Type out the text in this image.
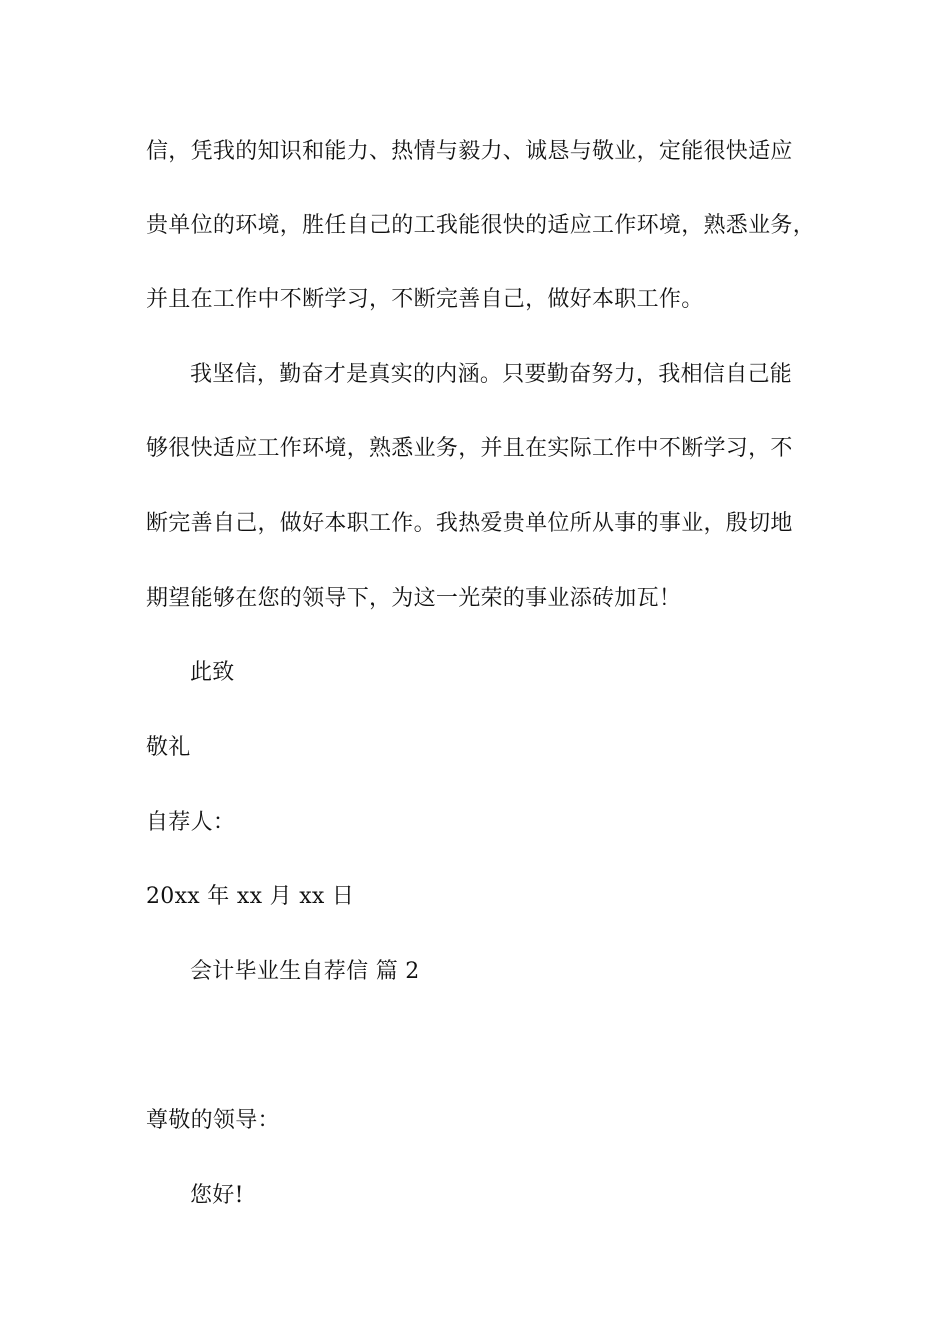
信，凭我的知识和能力、热情与毅力、诚恳与敬业，定能很快适应
贵单位的环境，胜任自己的工我能很快的适应工作环境，熟悉业务，
并且在工作中不断学习，不断完善自己，做好本职工作。
我坚信，勤奋才是真实的内涵。只要勤奋努力，我相信自己能
够很快适应工作环境，熟悉业务，并且在实际工作中不断学习，不
断完善自己，做好本职工作。我热爱贵单位所从事的事业，殷切地
期望能够在您的领导下，为这一光荣的事业添砖加瓦！
此致
敬礼
自荐人：
20xx 年 xx 月 xx 日
会计毕业生自荐信 篇 2
尊敬的领导：
您好!
